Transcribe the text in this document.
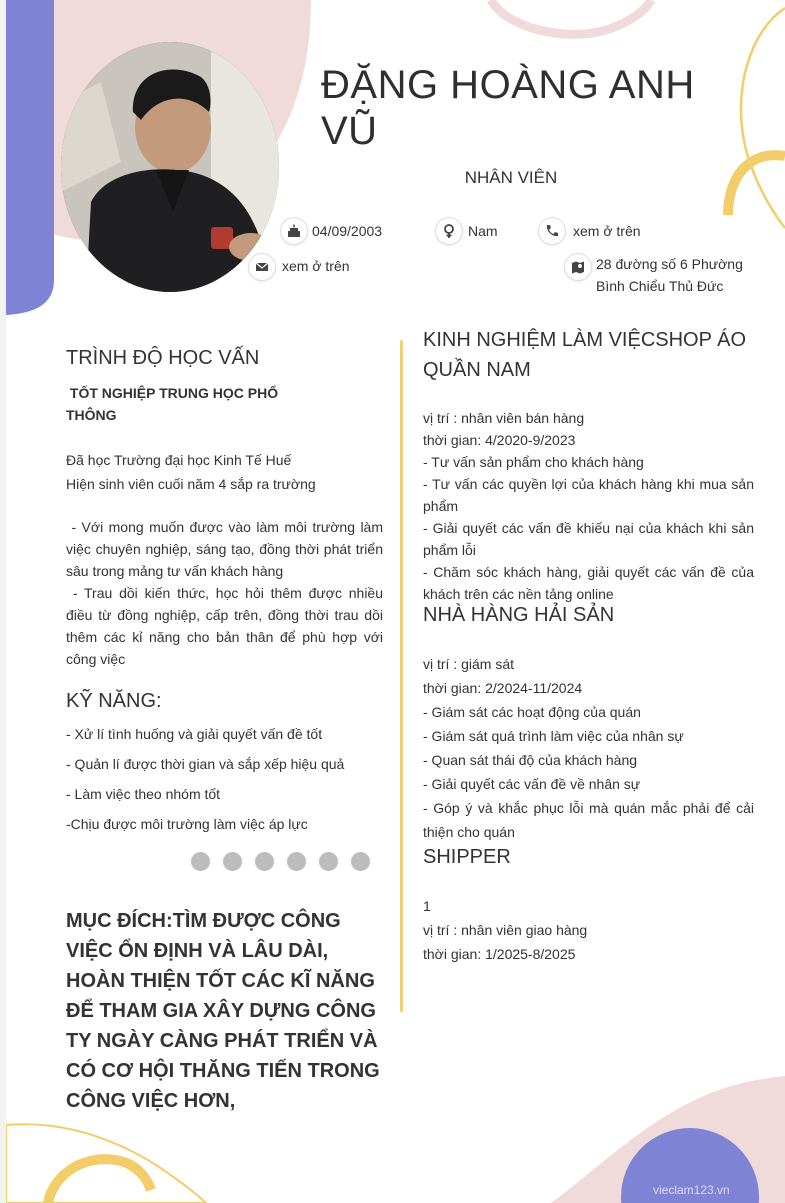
ĐẶNG HOÀNG ANH VŨ
NHÂN VIÊN
04/09/2003	Nam	xem ở trên
xem ở trên	28 đường số 6 Phường Bình Chiểu Thủ Đức
TRÌNH ĐỘ HỌC VẤN
TỐT NGHIỆP TRUNG HỌC PHỔ THÔNG
Đã học Trường đại học Kinh Tế Huế
Hiện sinh viên cuối năm 4 sắp ra trường
- Với mong muốn được vào làm môi trường làm việc chuyên nghiệp, sáng tạo, đồng thời phát triển sâu trong mảng tư vấn khách hàng
- Trau dồi kiến thức, học hỏi thêm được nhiều điều từ đồng nghiệp, cấp trên, đồng thời trau dồi thêm các kỉ năng cho bản thân để phù hợp với công việc
KỸ NĂNG:
- Xử lí tình huống và giải quyết vấn đề tốt
- Quản lí được thời gian và sắp xếp hiệu quả
- Làm việc theo nhóm tốt
-Chịu được môi trường làm việc áp lực
MỤC ĐÍCH:TÌM ĐƯỢC CÔNG VIỆC ỔN ĐỊNH VÀ LÂU DÀI, HOÀN THIỆN TỐT CÁC KĨ NĂNG ĐỂ THAM GIA XÂY DỰNG CÔNG TY NGÀY CÀNG PHÁT TRIỂN VÀ CÓ CƠ HỘI THĂNG TIẾN TRONG CÔNG VIỆC HƠN,
KINH NGHIỆM LÀM VIỆCSHOP ÁO QUẦN NAM
vị trí : nhân viên bán hàng
thời gian: 4/2020-9/2023
- Tư vấn sản phẩm cho khách hàng
- Tư vấn các quyền lợi của khách hàng khi mua sản phẩm
- Giải quyết các vấn đề khiếu nại của khách khi sản phẩm lỗi
- Chăm sóc khách hàng, giải quyết các vấn đề của khách trên các nền tảng online
NHÀ HÀNG HẢI SẢN
vị trí : giám sát
thời gian: 2/2024-11/2024
- Giám sát các hoạt động của quán
- Giám sát quá trình làm việc của nhân sự
- Quan sát thái độ của khách hàng
- Giải quyết các vấn đề về nhân sự
- Góp ý và khắc phục lỗi mà quán mắc phải để cải thiện cho quán
SHIPPER
1
vị trí : nhân viên giao hàng
thời gian: 1/2025-8/2025
vieclam123.vn
